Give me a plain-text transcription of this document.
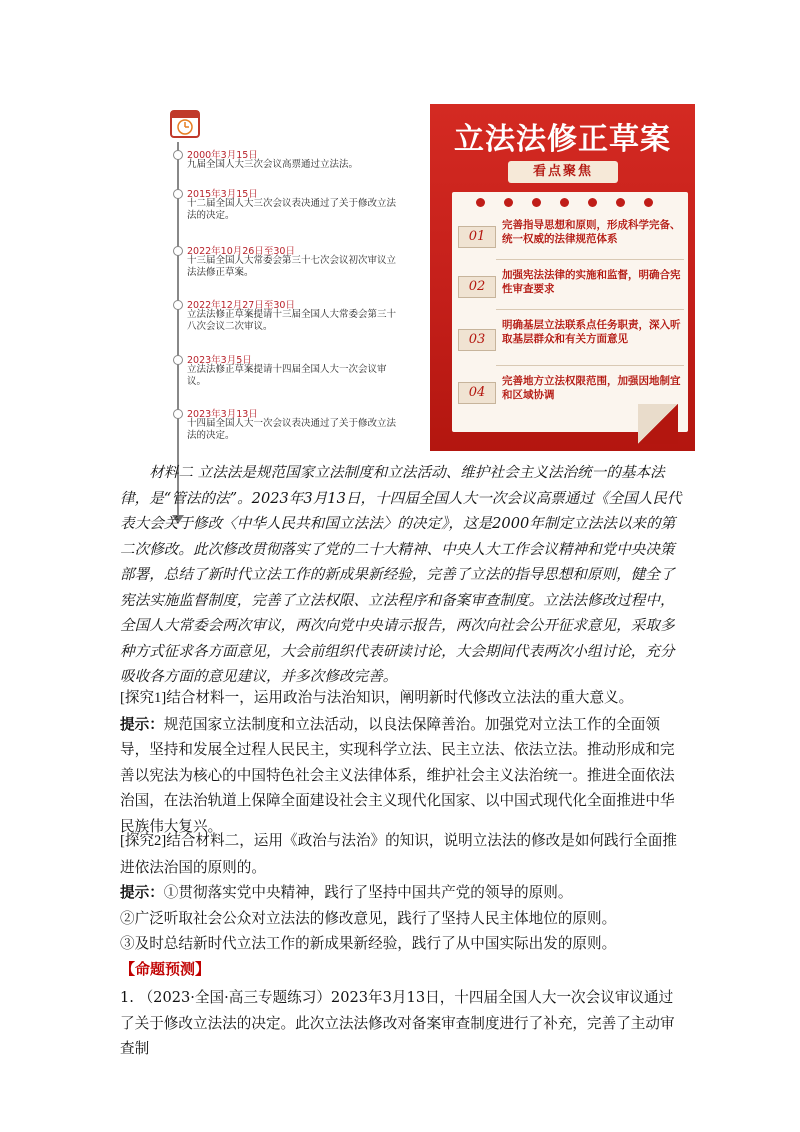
2000年3月15日
九届全国人大三次会议高票通过立法法。
2015年3月15日
十二届全国人大三次会议表决通过了关于修改立法法的决定。
2022年10月26日至30日
十三届全国人大常委会第三十七次会议初次审议立法法修正草案。
2022年12月27日至30日
立法法修正草案提请十三届全国人大常委会第三十八次会议二次审议。
2023年3月5日
立法法修正草案提请十四届全国人大一次会议审议。
2023年3月13日
十四届全国人大一次会议表决通过了关于修改立法法的决定。
立法法修正草案
看点聚焦
01
完善指导思想和原则，形成科学完备、统一权威的法律规范体系
02
加强宪法法律的实施和监督，明确合宪性审查要求
03
明确基层立法联系点任务职责，深入听取基层群众和有关方面意见
04
完善地方立法权限范围，加强因地制宜和区域协调

材料二 立法法是规范国家立法制度和立法活动、维护社会主义法治统一的基本法律，是“管法的法”。2023年3月13日，十四届全国人大一次会议高票通过《全国人民代表大会关于修改〈中华人民共和国立法法〉的决定》，这是2000年制定立法法以来的第二次修改。此次修改贯彻落实了党的二十大精神、中央人大工作会议精神和党中央决策部署，总结了新时代立法工作的新成果新经验，完善了立法的指导思想和原则，健全了宪法实施监督制度，完善了立法权限、立法程序和备案审查制度。立法法修改过程中，全国人大常委会两次审议，两次向党中央请示报告，两次向社会公开征求意见，采取多种方式征求各方面意见，大会前组织代表研读讨论，大会期间代表两次小组讨论，充分吸收各方面的意见建议，并多次修改完善。

[探究1]结合材料一，运用政治与法治知识，阐明新时代修改立法法的重大意义。

提示：规范国家立法制度和立法活动，以良法保障善治。加强党对立法工作的全面领导，坚持和发展全过程人民民主，实现科学立法、民主立法、依法立法。推动形成和完善以宪法为核心的中国特色社会主义法律体系，维护社会主义法治统一。推进全面依法治国，在法治轨道上保障全面建设社会主义现代化国家、以中国式现代化全面推进中华民族伟大复兴。

[探究2]结合材料二，运用《政治与法治》的知识，说明立法法的修改是如何践行全面推进依法治国的原则的。

提示：①贯彻落实党中央精神，践行了坚持中国共产党的领导的原则。

②广泛听取社会公众对立法法的修改意见，践行了坚持人民主体地位的原则。

③及时总结新时代立法工作的新成果新经验，践行了从中国实际出发的原则。

【命题预测】

1. （2023·全国·高三专题练习）2023年3月13日，十四届全国人大一次会议审议通过了关于修改立法法的决定。此次立法法修改对备案审查制度进行了补充，完善了主动审查制
